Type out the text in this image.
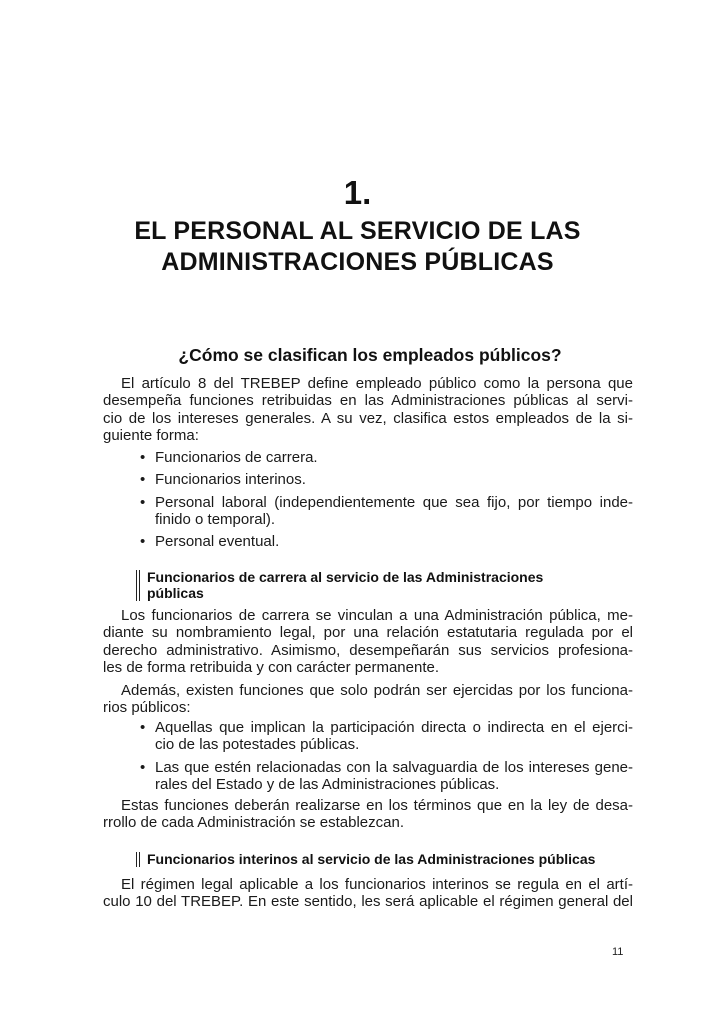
1.
EL PERSONAL AL SERVICIO DE LAS
ADMINISTRACIONES PÚBLICAS
¿Cómo se clasifican los empleados públicos?

El artículo 8 del TREBEP define empleado público como la persona que
desempeña funciones retribuidas en las Administraciones públicas al servi-
cio de los intereses generales. A su vez, clasifica estos empleados de la si-
guiente forma:

• Funcionarios de carrera.
• Funcionarios interinos.
• Personal laboral (independientemente que sea fijo, por tiempo inde-
finido o temporal).
• Personal eventual.
Funcionarios de carrera al servicio de las Administraciones
públicas

Los funcionarios de carrera se vinculan a una Administración pública, me-
diante su nombramiento legal, por una relación estatutaria regulada por el
derecho administrativo. Asimismo, desempeñarán sus servicios profesiona-
les de forma retribuida y con carácter permanente.

Además, existen funciones que solo podrán ser ejercidas por los funciona-
rios públicos:

• Aquellas que implican la participación directa o indirecta en el ejerci-
cio de las potestades públicas.
• Las que estén relacionadas con la salvaguardia de los intereses gene-
rales del Estado y de las Administraciones públicas.

Estas funciones deberán realizarse en los términos que en la ley de desa-
rrollo de cada Administración se establezcan.

Funcionarios interinos al servicio de las Administraciones públicas

El régimen legal aplicable a los funcionarios interinos se regula en el artí-
culo 10 del TREBEP. En este sentido, les será aplicable el régimen general del

11
